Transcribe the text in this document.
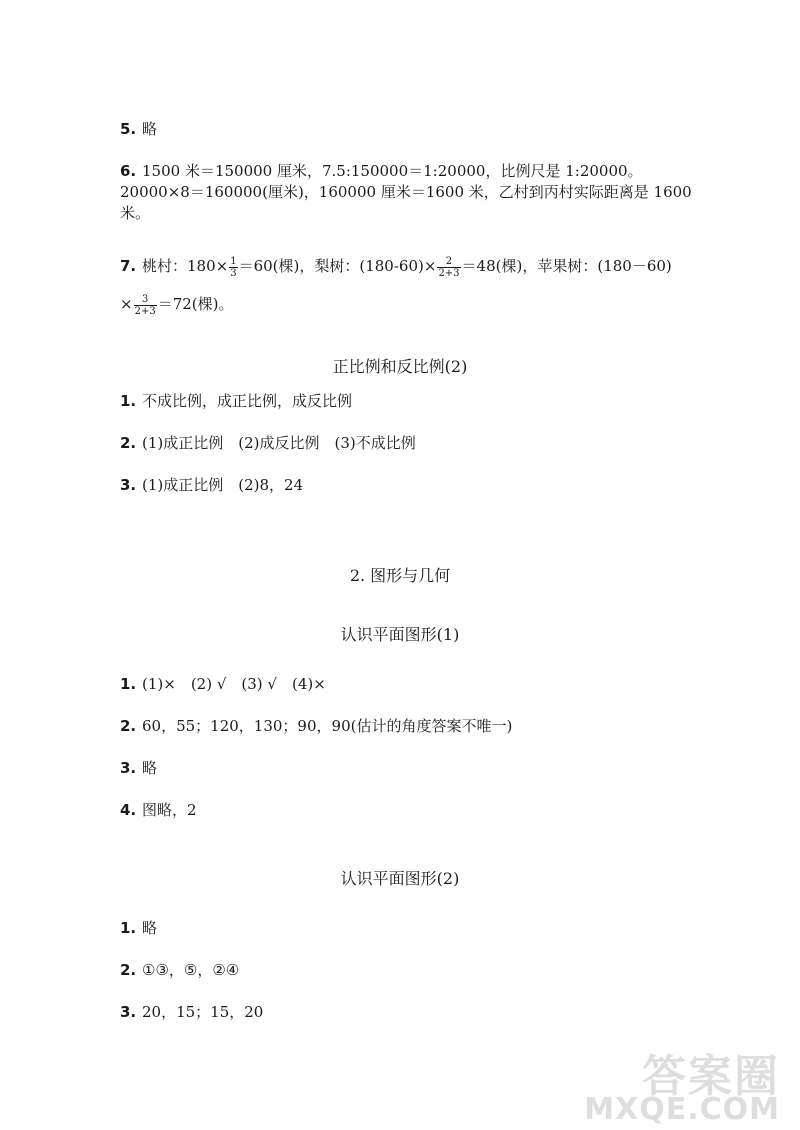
5. 略
6. 1500 米＝150000 厘米，7.5:150000＝1:20000，比例尺是 1:20000。
20000×8＝160000(厘米)，160000 厘米＝1600 米，乙村到丙村实际距离是 1600
米。
7. 桃村：$180\times \frac{1}{3} =60$(棵)，梨树：$(180-60)\times \frac{2}{2+3} =48$(棵)，苹果树：(180－60)
× $\frac{3}{2+3} =72$(棵)。
正比例和反比例(2)
1. 不成比例，成正比例，成反比例
2. (1)成正比例　(2)成反比例　(3)不成比例
3. (1)成正比例　(2)8，24
2. 图形与几何
认识平面图形(1)
1. (1)×　(2) √　(3) √　(4)×
2. 60，55；120，130；90，90(估计的角度答案不唯一)
3. 略
4. 图略，2
认识平面图形(2)
1. 略
2. ①③，⑤，②④
3. 20，15；15，20
答案圈
MXQE.COM
